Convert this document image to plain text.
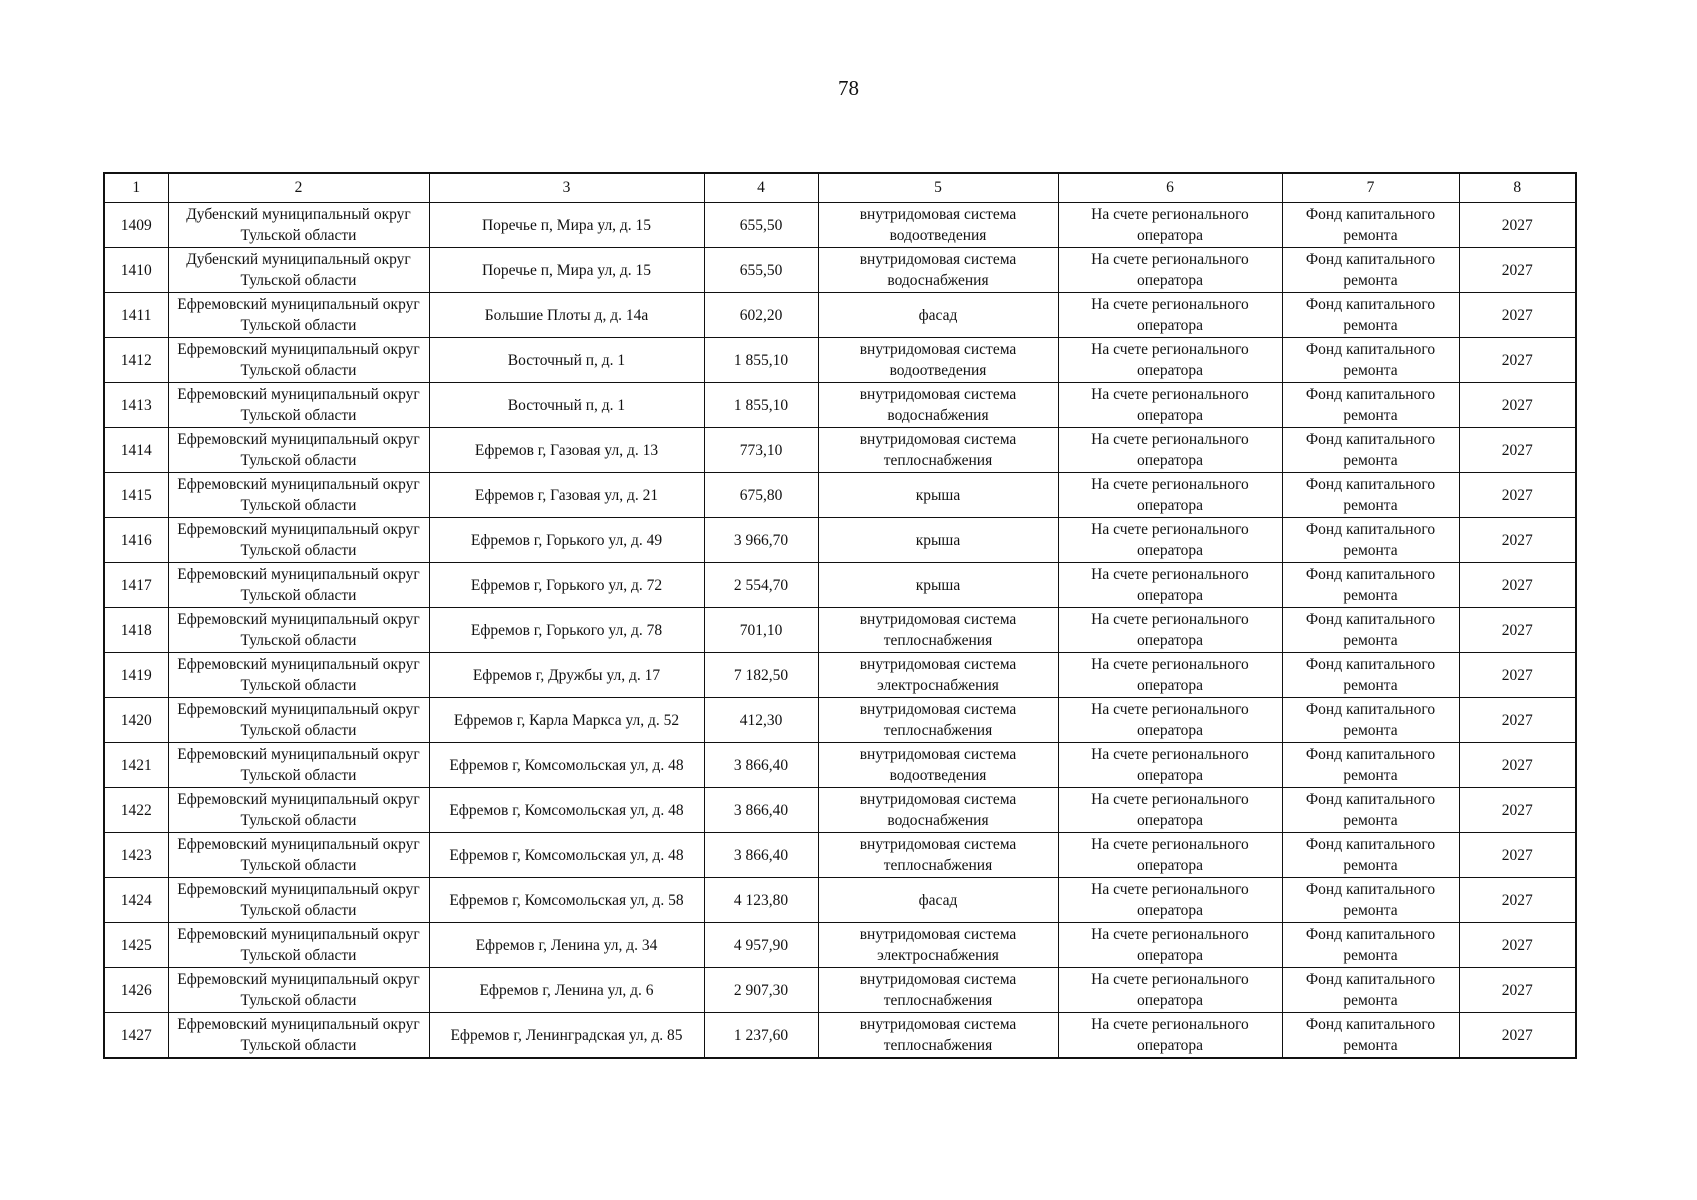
78
1	2	3	4	5	6	7	8
1409	Дубенский муниципальный округ Тульской области	Поречье п, Мира ул, д. 15	655,50	внутридомовая система водоотведения	На счете регионального оператора	Фонд капитального ремонта	2027
1410	Дубенский муниципальный округ Тульской области	Поречье п, Мира ул, д. 15	655,50	внутридомовая система водоснабжения	На счете регионального оператора	Фонд капитального ремонта	2027
1411	Ефремовский муниципальный округ Тульской области	Большие Плоты д, д. 14а	602,20	фасад	На счете регионального оператора	Фонд капитального ремонта	2027
1412	Ефремовский муниципальный округ Тульской области	Восточный п, д. 1	1 855,10	внутридомовая система водоотведения	На счете регионального оператора	Фонд капитального ремонта	2027
1413	Ефремовский муниципальный округ Тульской области	Восточный п, д. 1	1 855,10	внутридомовая система водоснабжения	На счете регионального оператора	Фонд капитального ремонта	2027
1414	Ефремовский муниципальный округ Тульской области	Ефремов г, Газовая ул, д. 13	773,10	внутридомовая система теплоснабжения	На счете регионального оператора	Фонд капитального ремонта	2027
1415	Ефремовский муниципальный округ Тульской области	Ефремов г, Газовая ул, д. 21	675,80	крыша	На счете регионального оператора	Фонд капитального ремонта	2027
1416	Ефремовский муниципальный округ Тульской области	Ефремов г, Горького ул, д. 49	3 966,70	крыша	На счете регионального оператора	Фонд капитального ремонта	2027
1417	Ефремовский муниципальный округ Тульской области	Ефремов г, Горького ул, д. 72	2 554,70	крыша	На счете регионального оператора	Фонд капитального ремонта	2027
1418	Ефремовский муниципальный округ Тульской области	Ефремов г, Горького ул, д. 78	701,10	внутридомовая система теплоснабжения	На счете регионального оператора	Фонд капитального ремонта	2027
1419	Ефремовский муниципальный округ Тульской области	Ефремов г, Дружбы ул, д. 17	7 182,50	внутридомовая система электроснабжения	На счете регионального оператора	Фонд капитального ремонта	2027
1420	Ефремовский муниципальный округ Тульской области	Ефремов г, Карла Маркса ул, д. 52	412,30	внутридомовая система теплоснабжения	На счете регионального оператора	Фонд капитального ремонта	2027
1421	Ефремовский муниципальный округ Тульской области	Ефремов г, Комсомольская ул, д. 48	3 866,40	внутридомовая система водоотведения	На счете регионального оператора	Фонд капитального ремонта	2027
1422	Ефремовский муниципальный округ Тульской области	Ефремов г, Комсомольская ул, д. 48	3 866,40	внутридомовая система водоснабжения	На счете регионального оператора	Фонд капитального ремонта	2027
1423	Ефремовский муниципальный округ Тульской области	Ефремов г, Комсомольская ул, д. 48	3 866,40	внутридомовая система теплоснабжения	На счете регионального оператора	Фонд капитального ремонта	2027
1424	Ефремовский муниципальный округ Тульской области	Ефремов г, Комсомольская ул, д. 58	4 123,80	фасад	На счете регионального оператора	Фонд капитального ремонта	2027
1425	Ефремовский муниципальный округ Тульской области	Ефремов г, Ленина ул, д. 34	4 957,90	внутридомовая система электроснабжения	На счете регионального оператора	Фонд капитального ремонта	2027
1426	Ефремовский муниципальный округ Тульской области	Ефремов г, Ленина ул, д. 6	2 907,30	внутридомовая система теплоснабжения	На счете регионального оператора	Фонд капитального ремонта	2027
1427	Ефремовский муниципальный округ Тульской области	Ефремов г, Ленинградская ул, д. 85	1 237,60	внутридомовая система теплоснабжения	На счете регионального оператора	Фонд капитального ремонта	2027
